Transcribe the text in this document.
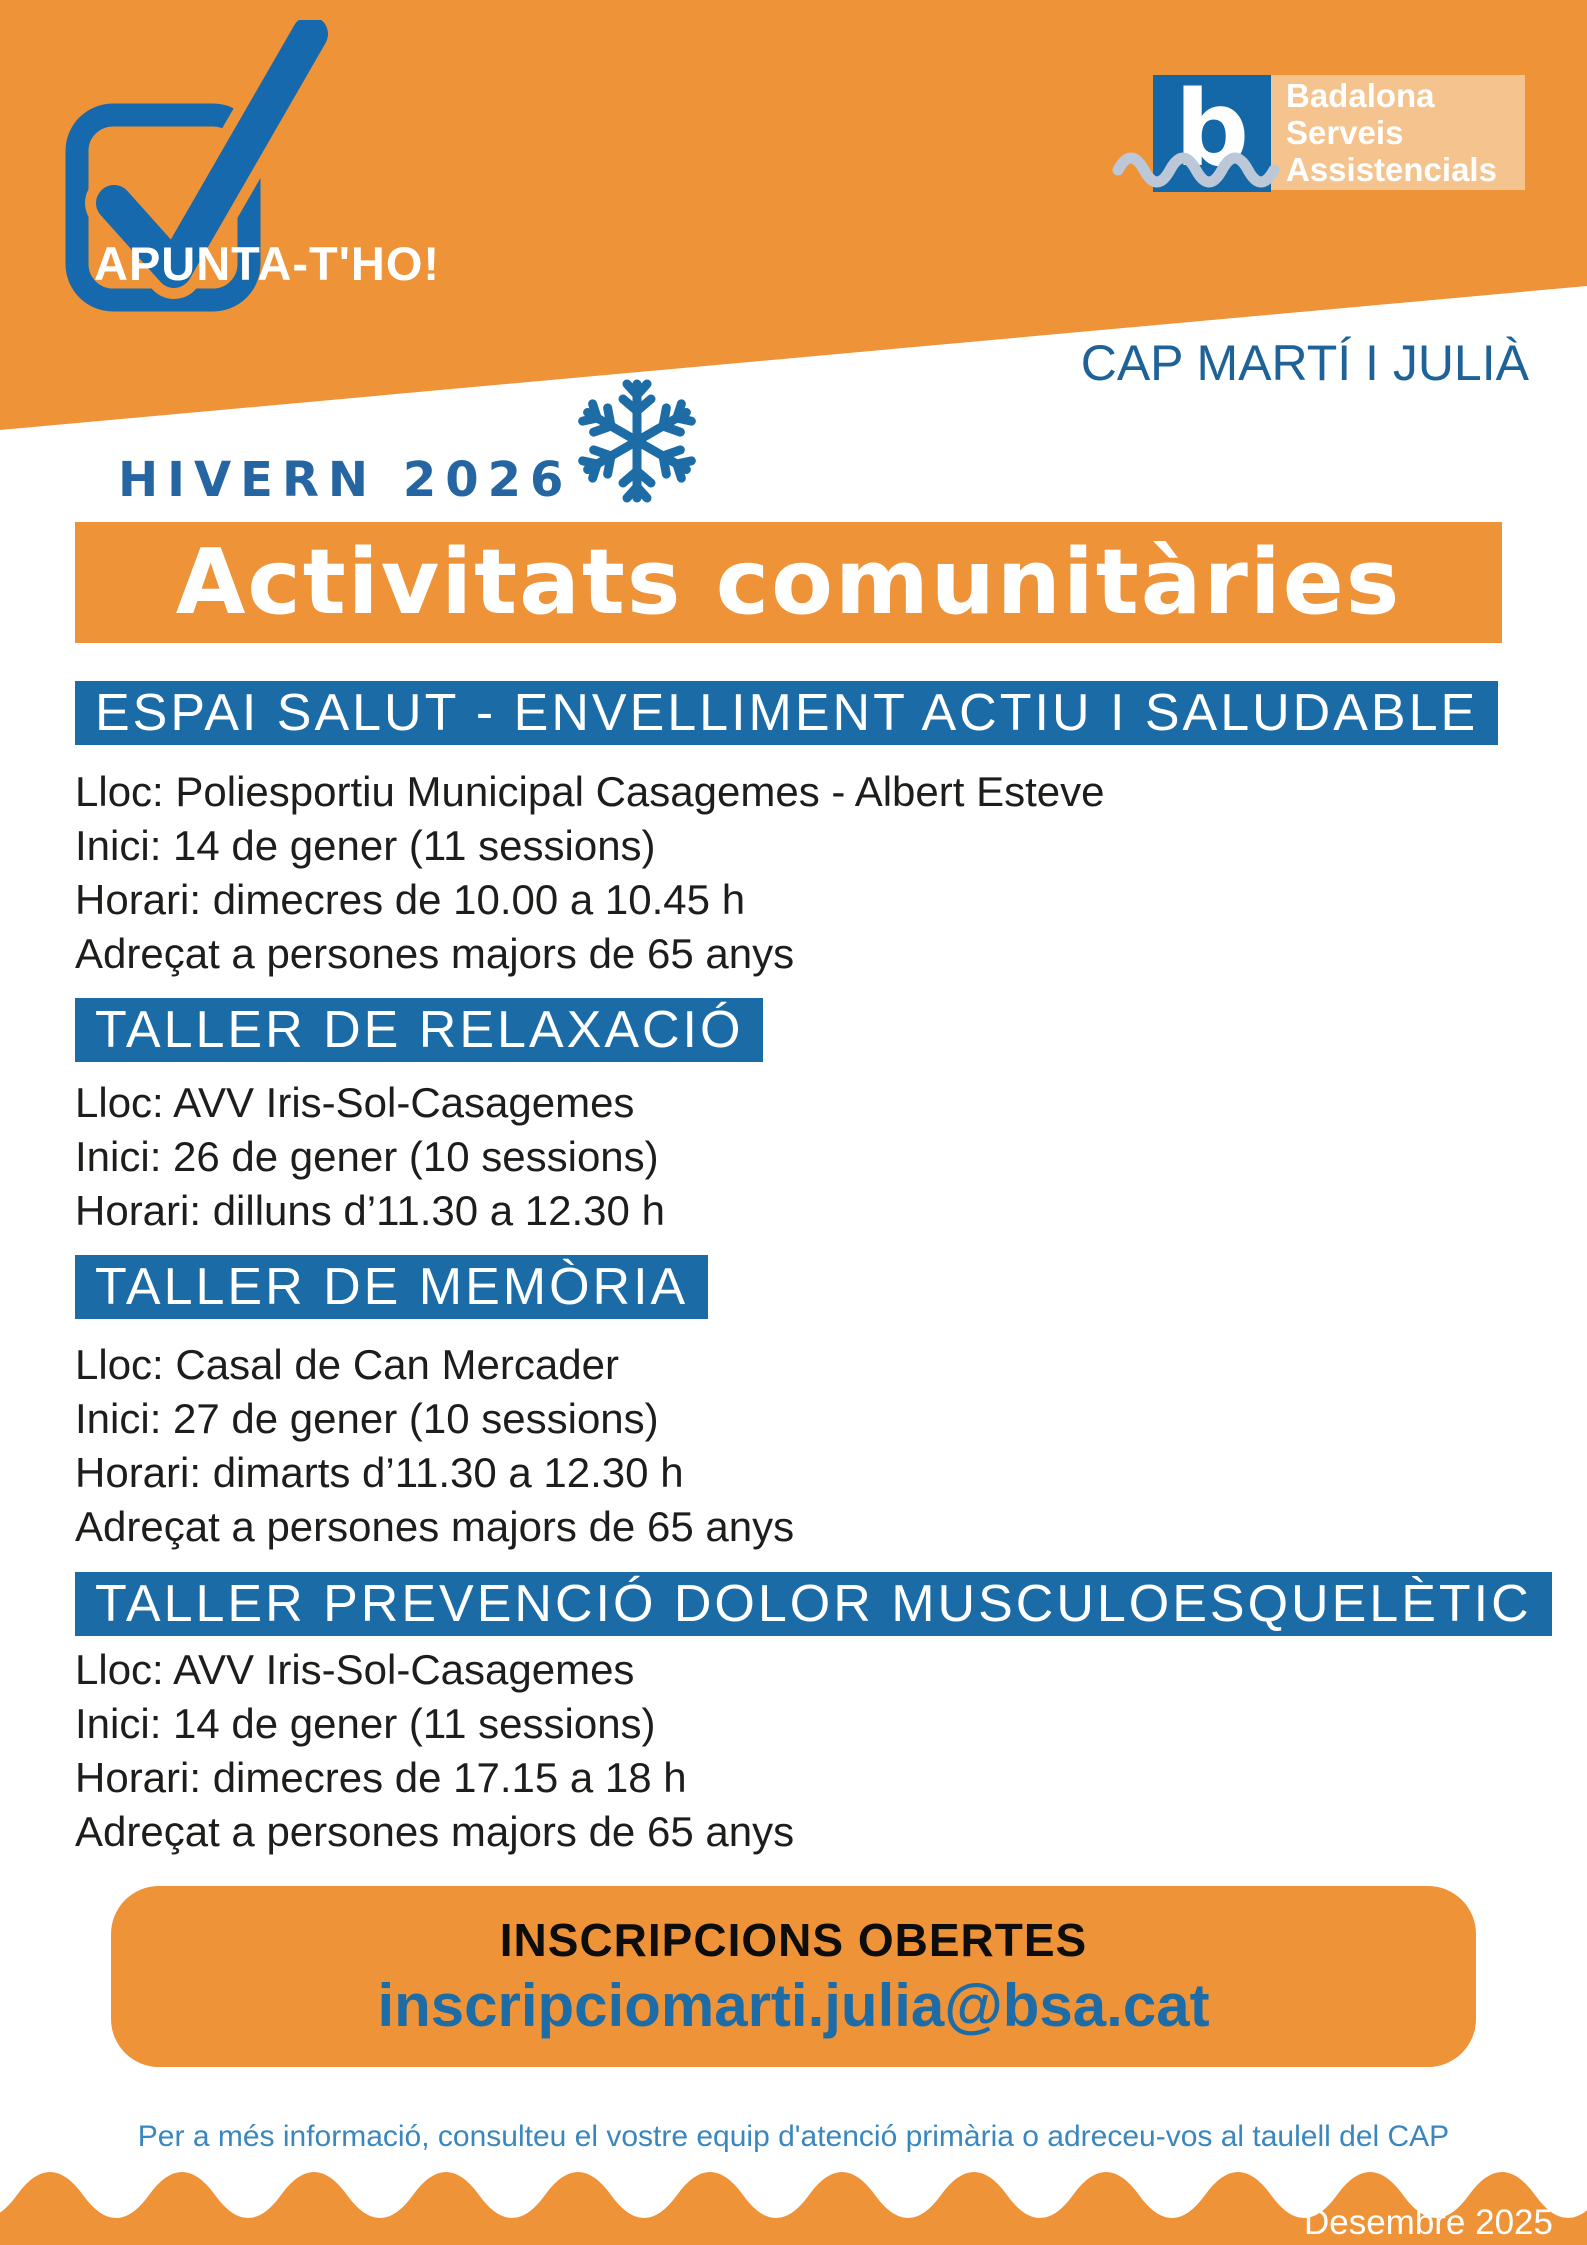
APUNTA-T'HO!
b Badalona
Serveis
Assistencials
CAP MARTÍ I JULIÀ
HIVERN 2026
Activitats comunitàries
ESPAI SALUT - ENVELLIMENT ACTIU I SALUDABLE

Lloc: Poliesportiu Municipal Casagemes - Albert Esteve

Inici: 14 de gener (11 sessions)

Horari: dimecres de 10.00 a 10.45 h

Adreçat a persones majors de 65 anys

TALLER DE RELAXACIÓ

Lloc: AVV Iris-Sol-Casagemes

Inici: 26 de gener (10 sessions)

Horari: dilluns d’11.30 a 12.30 h

TALLER DE MEMÒRIA

Lloc: Casal de Can Mercader

Inici: 27 de gener (10 sessions)

Horari: dimarts d’11.30 a 12.30 h

Adreçat a persones majors de 65 anys

TALLER PREVENCIÓ DOLOR MUSCULOESQUELÈTIC

Lloc: AVV Iris-Sol-Casagemes

Inici: 14 de gener (11 sessions)

Horari: dimecres de 17.15 a 18 h

Adreçat a persones majors de 65 anys

INSCRIPCIONS OBERTES
inscripciomarti.julia@bsa.cat
Per a més informació, consulteu el vostre equip d'atenció primària o adreceu-vos al taulell del CAP
Desembre 2025
